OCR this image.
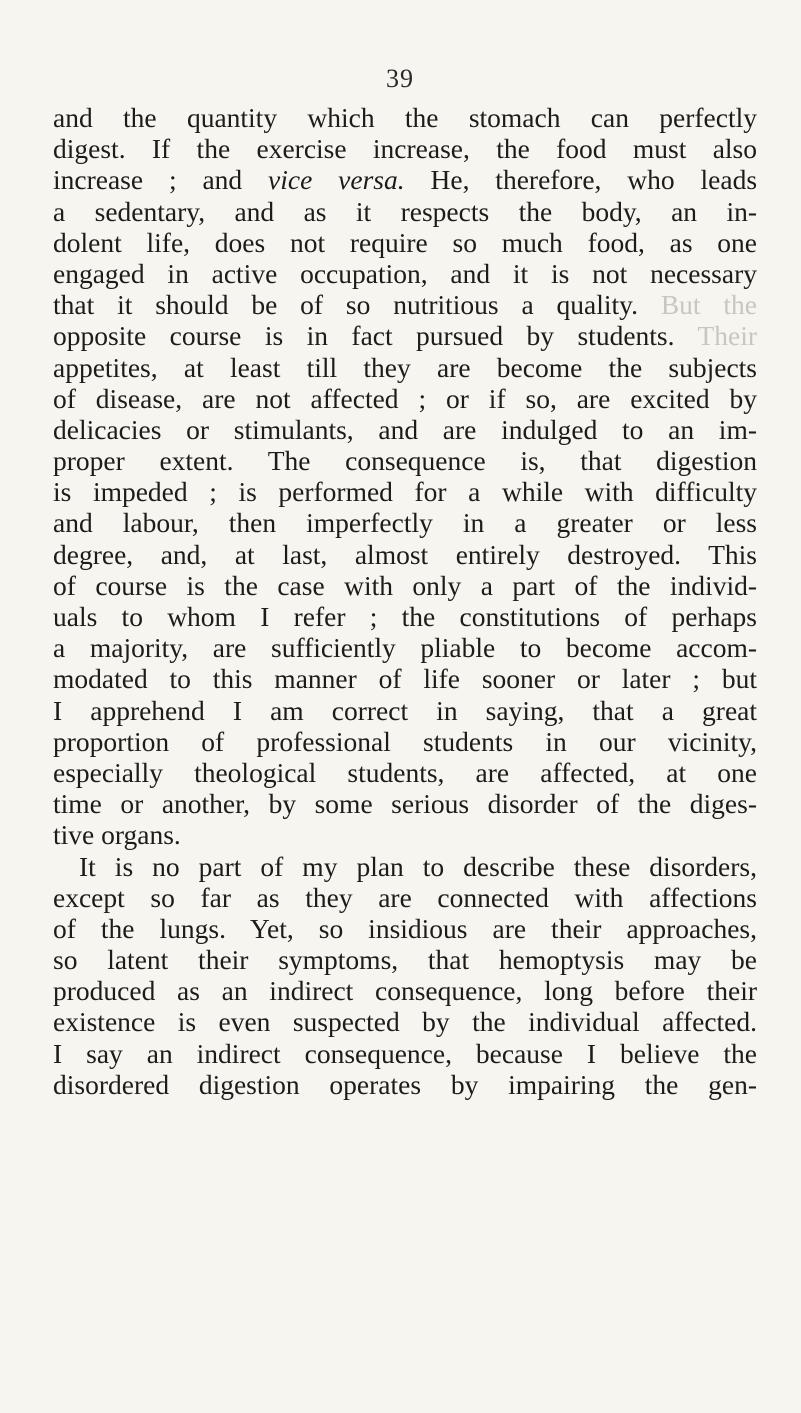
39
and the quantity which the stomach can perfectly
digest. If the exercise increase, the food must also
increase ; and vice versa. He, therefore, who leads
a sedentary, and as it respects the body, an in-
dolent life, does not require so much food, as one
engaged in active occupation, and it is not necessary
that it should be of so nutritious a quality. But the
opposite course is in fact pursued by students. Their
appetites, at least till they are become the subjects
of disease, are not affected ; or if so, are excited by
delicacies or stimulants, and are indulged to an im-
proper extent. The consequence is, that digestion
is impeded ; is performed for a while with difficulty
and labour, then imperfectly in a greater or less
degree, and, at last, almost entirely destroyed. This
of course is the case with only a part of the individ-
uals to whom I refer ; the constitutions of perhaps
a majority, are sufficiently pliable to become accom-
modated to this manner of life sooner or later ; but
I apprehend I am correct in saying, that a great
proportion of professional students in our vicinity,
especially theological students, are affected, at one
time or another, by some serious disorder of the diges-
tive organs.
It is no part of my plan to describe these disorders,
except so far as they are connected with affections
of the lungs. Yet, so insidious are their approaches,
so latent their symptoms, that hemoptysis may be
produced as an indirect consequence, long before their
existence is even suspected by the individual affected.
I say an indirect consequence, because I believe the
disordered digestion operates by impairing the gen-
